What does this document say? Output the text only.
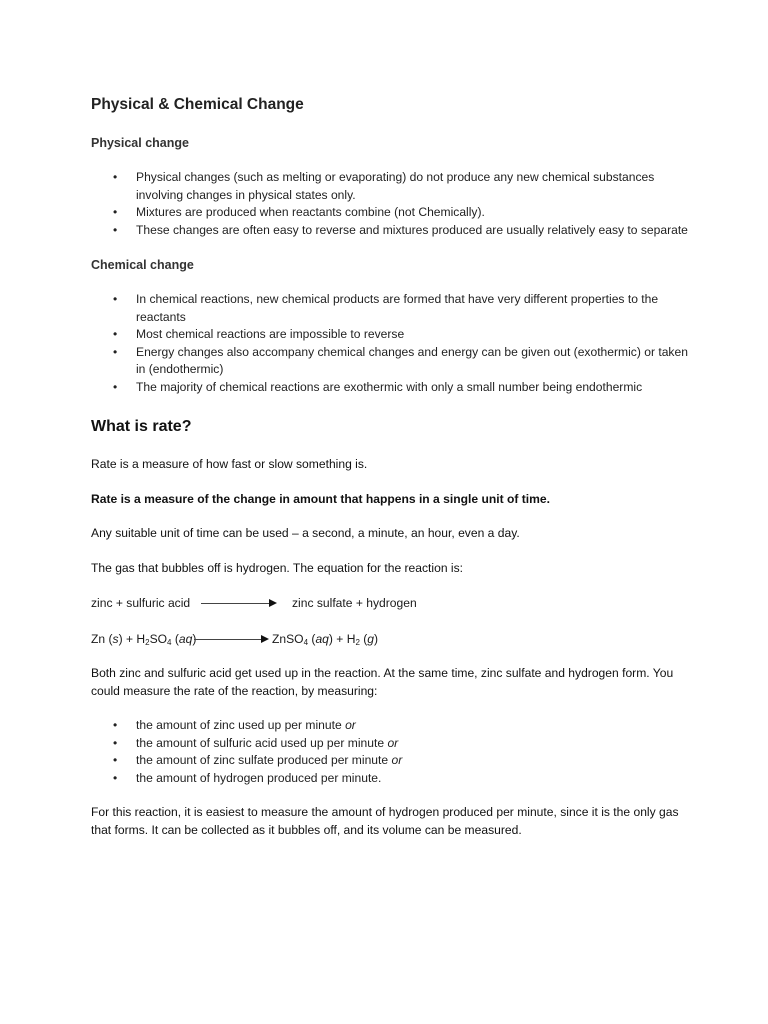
Physical & Chemical Change
Physical change
• Physical changes (such as melting or evaporating) do not produce any new chemical substances involving changes in physical states only.
• Mixtures are produced when reactants combine (not Chemically).
• These changes are often easy to reverse and mixtures produced are usually relatively easy to separate
Chemical change
• In chemical reactions, new chemical products are formed that have very different properties to the reactants
• Most chemical reactions are impossible to reverse
• Energy changes also accompany chemical changes and energy can be given out (exothermic) or taken in (endothermic)
• The majority of chemical reactions are exothermic with only a small number being endothermic
What is rate?

Rate is a measure of how fast or slow something is.

Rate is a measure of the change in amount that happens in a single unit of time.

Any suitable unit of time can be used – a second, a minute, an hour, even a day.

The gas that bubbles off is hydrogen. The equation for the reaction is:

zinc + sulfuric acid	zinc sulfate + hydrogen
Zn $(s) + H_2SO_4$ (aq	ZnSO$_4$ $(aq) + H_2$ (g)

Both zinc and sulfuric acid get used up in the reaction. At the same time, zinc sulfate and hydrogen form. You could measure the rate of the reaction, by measuring:

• the amount of zinc used up per minute or
• the amount of sulfuric acid used up per minute or
• the amount of zinc sulfate produced per minute or
• the amount of hydrogen produced per minute.

For this reaction, it is easiest to measure the amount of hydrogen produced per minute, since it is the only gas that forms. It can be collected as it bubbles off, and its volume can be measured.
